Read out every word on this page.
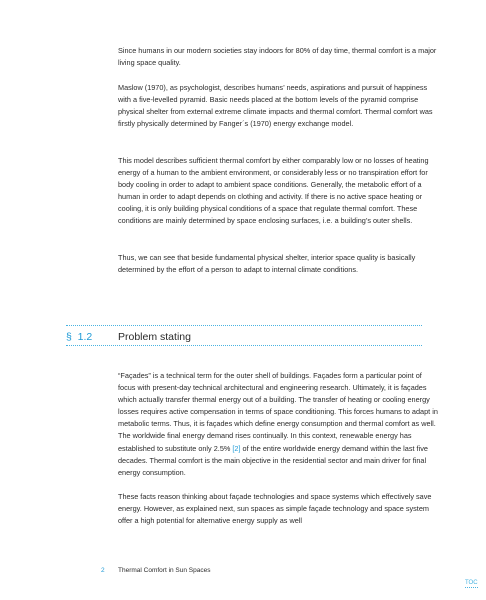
Since humans in our modern societies stay indoors for 80% of day time, thermal comfort is a major living space quality.

Maslow (1970), as psychologist, describes humans’ needs, aspirations and pursuit of happiness with a five-levelled pyramid. Basic needs placed at the bottom levels of the pyramid comprise physical shelter from external extreme climate impacts and thermal comfort. Thermal comfort was firstly physically determined by Fanger´s (1970) energy exchange model.

This model describes sufficient thermal comfort by either comparably low or no losses of heating energy of a human to the ambient environment, or considerably less or no transpiration effort for body cooling in order to adapt to ambient space conditions. Generally, the metabolic effort of a human in order to adapt depends on clothing and activity. If there is no active space heating or cooling, it is only building physical conditions of a space that regulate thermal comfort. These conditions are mainly determined by space enclosing surfaces, i.e. a building’s outer shells.

Thus, we can see that beside fundamental physical shelter, interior space quality is basically determined by the effort of a person to adapt to internal climate conditions.

§  1.2 Problem stating

“Façades” is a technical term for the outer shell of buildings. Façades form a particular point of focus with present-day technical architectural and engineering research. Ultimately, it is façades which actually transfer thermal energy out of a building. The transfer of heating or cooling energy losses requires active compensation in terms of space conditioning. This forces humans to adapt in metabolic terms. Thus, it is façades which define energy consumption and thermal comfort as well. The worldwide final energy demand rises continually. In this context, renewable energy has established to substitute only 2.5% [2] of the entire worldwide energy demand within the last five decades. Thermal comfort is the main objective in the residential sector and main driver for final energy consumption.

These facts reason thinking about façade technologies and space systems which effectively save energy. However, as explained next, sun spaces as simple façade technology and space system offer a high potential for alternative energy supply as well

2 Thermal Comfort in Sun Spaces
TOC
